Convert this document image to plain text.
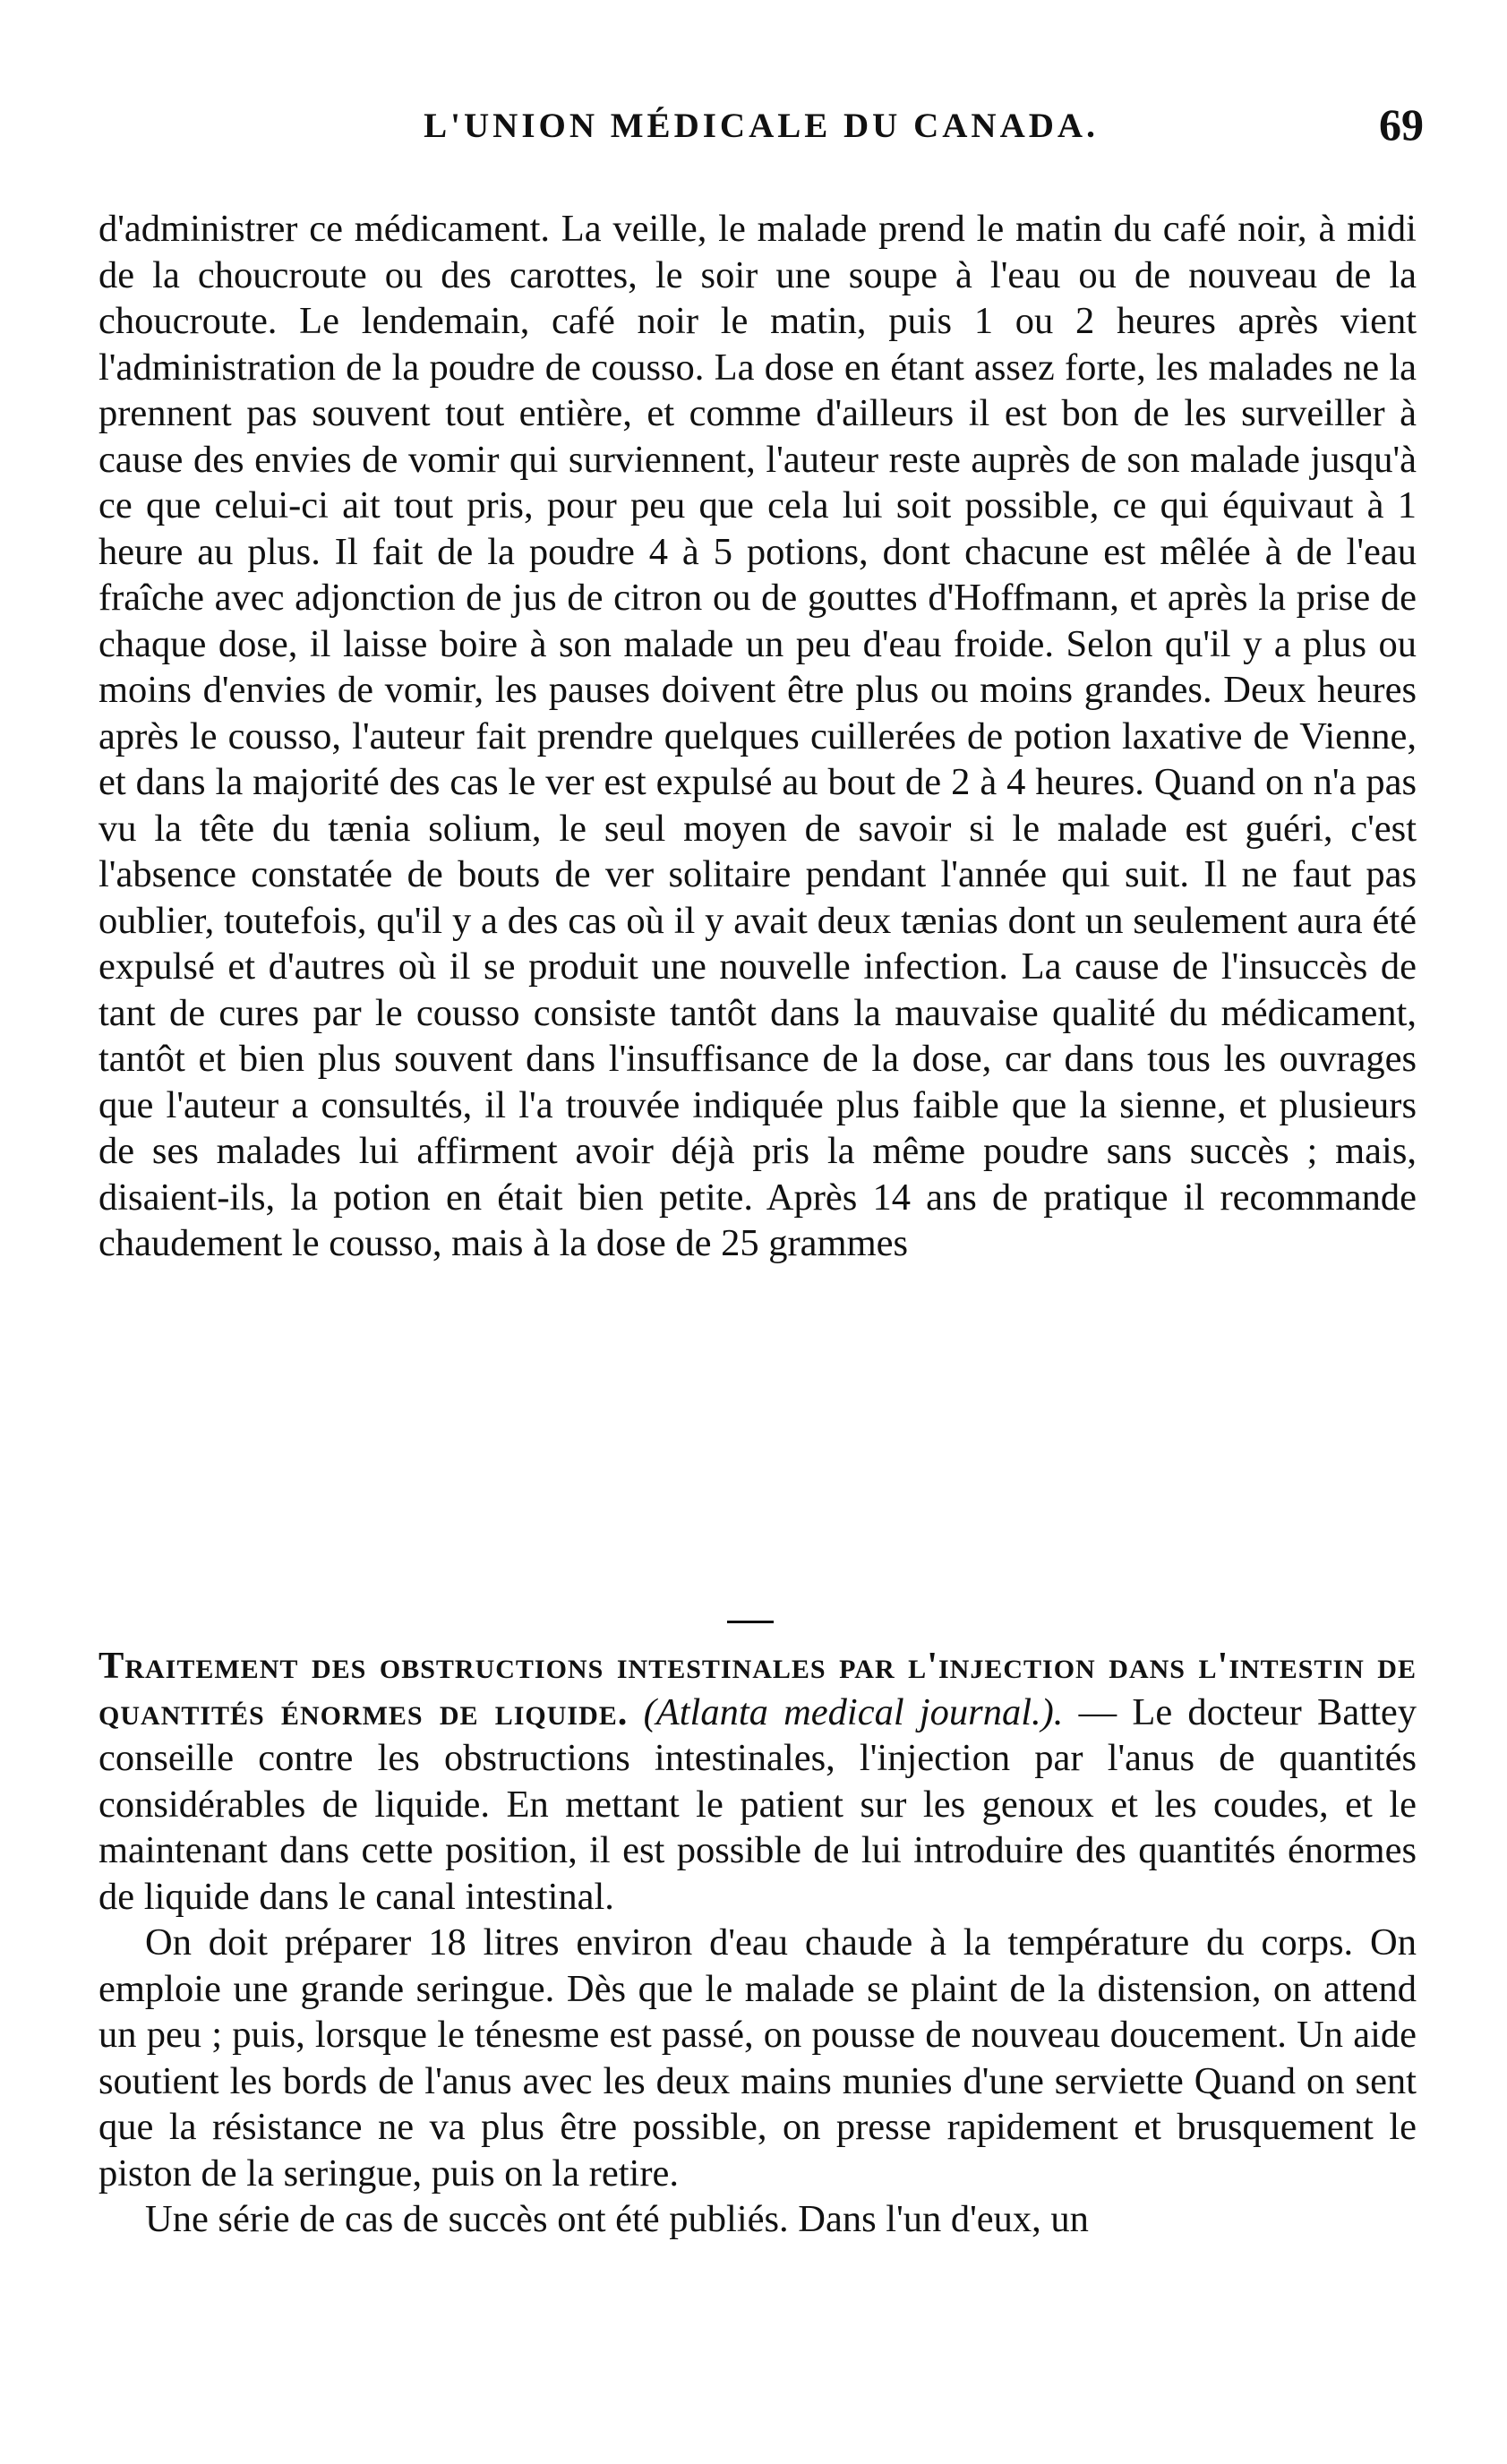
L'UNION MÉDICALE DU CANADA.	69
d'administrer ce médicament. La veille, le malade prend le matin du café noir, à midi de la choucroute ou des carottes, le soir une soupe à l'eau ou de nouveau de la choucroute. Le lendemain, café noir le matin, puis 1 ou 2 heures après vient l'administration de la poudre de cousso. La dose en étant assez forte, les malades ne la prennent pas souvent tout entière, et comme d'ailleurs il est bon de les surveiller à cause des envies de vomir qui surviennent, l'auteur reste auprès de son malade jusqu'à ce que celui-ci ait tout pris, pour peu que cela lui soit possible, ce qui équivaut à 1 heure au plus. Il fait de la poudre 4 à 5 potions, dont chacune est mêlée à de l'eau fraîche avec adjonction de jus de citron ou de gouttes d'Hoffmann, et après la prise de chaque dose, il laisse boire à son malade un peu d'eau froide. Selon qu'il y a plus ou moins d'envies de vomir, les pauses doivent être plus ou moins grandes. Deux heures après le cousso, l'auteur fait prendre quelques cuillerées de potion laxative de Vienne, et dans la majorité des cas le ver est expulsé au bout de 2 à 4 heures. Quand on n'a pas vu la tête du tænia solium, le seul moyen de savoir si le malade est guéri, c'est l'absence constatée de bouts de ver solitaire pendant l'année qui suit. Il ne faut pas oublier, toutefois, qu'il y a des cas où il y avait deux tænias dont un seulement aura été expulsé et d'autres où il se produit une nouvelle infection. La cause de l'insuccès de tant de cures par le cousso consiste tantôt dans la mauvaise qualité du médicament, tantôt et bien plus souvent dans l'insuffisance de la dose, car dans tous les ouvrages que l'auteur a consultés, il l'a trouvée indiquée plus faible que la sienne, et plusieurs de ses malades lui affirment avoir déjà pris la même poudre sans succès ; mais, disaient-ils, la potion en était bien petite. Après 14 ans de pratique il recommande chaudement le cousso, mais à la dose de 25 grammes

Traitement des obstructions intestinales par l'injection dans l'intestin de quantités énormes de liquide. (Atlanta medical journal.). — Le docteur Battey conseille contre les obstructions intestinales, l'injection par l'anus de quantités considérables de liquide. En mettant le patient sur les genoux et les coudes, et le maintenant dans cette position, il est possible de lui introduire des quantités énormes de liquide dans le canal intestinal.

On doit préparer 18 litres environ d'eau chaude à la température du corps. On emploie une grande seringue. Dès que le malade se plaint de la distension, on attend un peu ; puis, lorsque le ténesme est passé, on pousse de nouveau doucement. Un aide soutient les bords de l'anus avec les deux mains munies d'une serviette Quand on sent que la résistance ne va plus être possible, on presse rapidement et brusquement le piston de la seringue, puis on la retire.

Une série de cas de succès ont été publiés. Dans l'un d'eux, un
